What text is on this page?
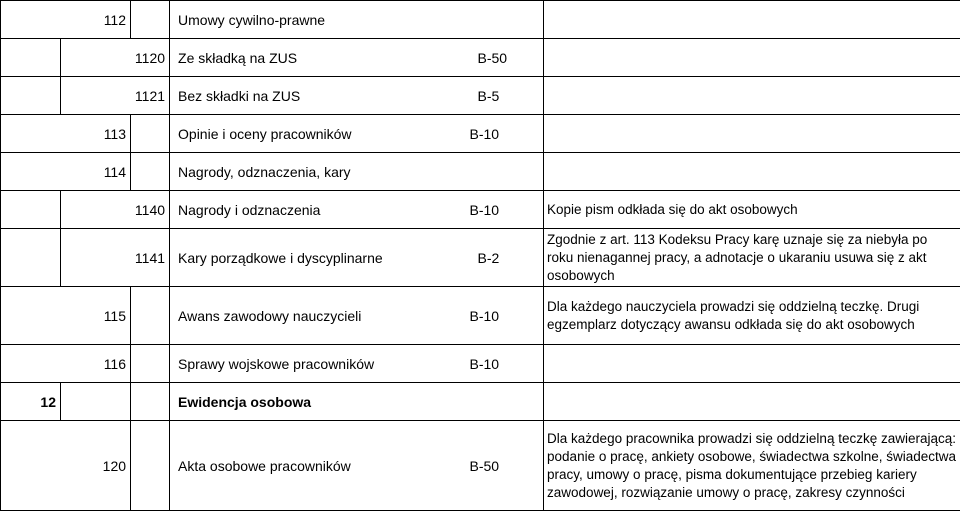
112			Umowy cywilno-prawne		
	1120		Ze składką na ZUS	B-50	
	1121		Bez składki na ZUS	B-5	
113			Opinie i oceny pracowników	B-10	
114			Nagrody, odznaczenia, kary		
	1140		Nagrody i odznaczenia	B-10	Kopie pism odkłada się do akt osobowych
	1141		Kary porządkowe i dyscyplinarne	B-2	Zgodnie z art. 113 Kodeksu Pracy karę uznaje się za niebyła po roku nienagannej pracy, a adnotacje o ukaraniu usuwa się z akt osobowych
115			Awans zawodowy nauczycieli	B-10	Dla każdego nauczyciela prowadzi się oddzielną teczkę. Drugi egzemplarz dotyczący awansu odkłada się do akt osobowych
116			Sprawy wojskowe pracowników	B-10	
12			Ewidencja osobowa		
120			Akta osobowe pracowników	B-50	Dla każdego pracownika prowadzi się oddzielną teczkę zawierającą: podanie o pracę, ankiety osobowe, świadectwa szkolne, świadectwa pracy, umowy o pracę, pisma dokumentujące przebieg kariery zawodowej, rozwiązanie umowy o pracę, zakresy czynności
